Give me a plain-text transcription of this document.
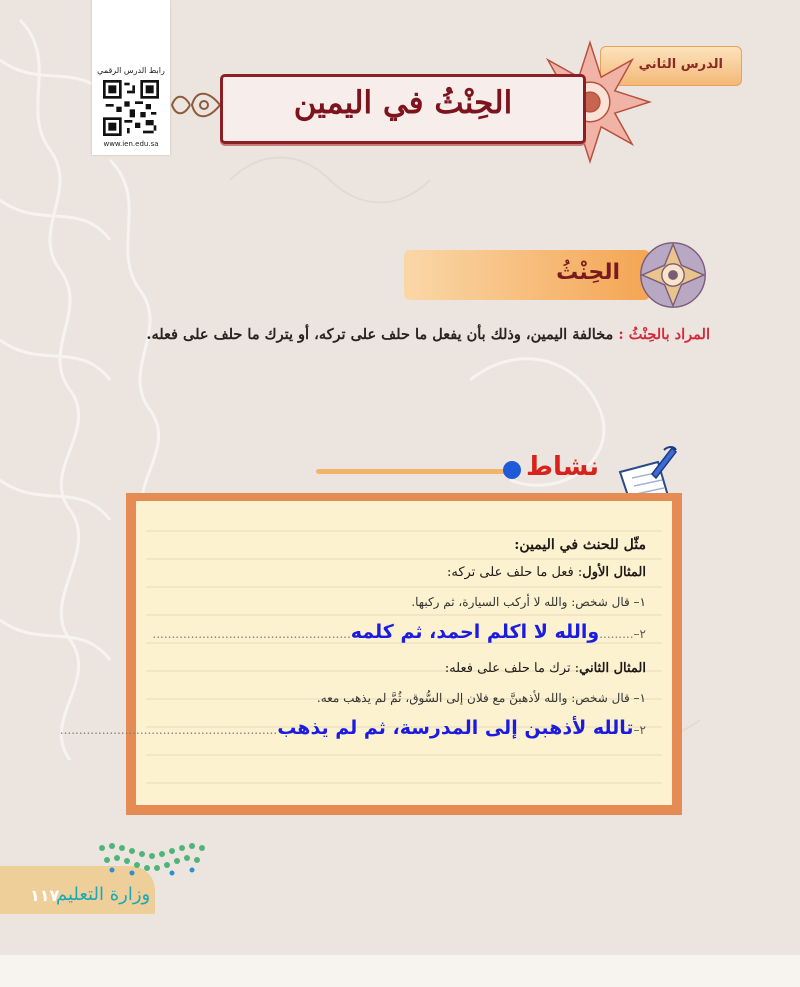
رابط الدرس الرقمي
www.ien.edu.sa
الدرس الثاني
الحِنْثُ في اليمين
الحِنْثُ
المراد بالحِنْثُ : مخالفة اليمين، وذلك بأن يفعل ما حلف على تركه، أو يترك ما حلف على فعله.
نشاط
مثّل للحنث في اليمين:
المثال الأول: فعل ما حلف على تركه:
١– قال شخص: والله لا أركب السيارة، ثم ركبها.
٢–.........والله لا اكلم احمد، ثم كلمه....................................................
المثال الثاني: ترك ما حلف على فعله:
١– قال شخص: والله لأذهبنَّ مع فلان إلى السُّوق، ثُمَّ لم يذهب معه.
٢–تالله لأذهبن إلى المدرسة، ثم لم يذهب.........................................................
وزارة التعليم
١١٧
